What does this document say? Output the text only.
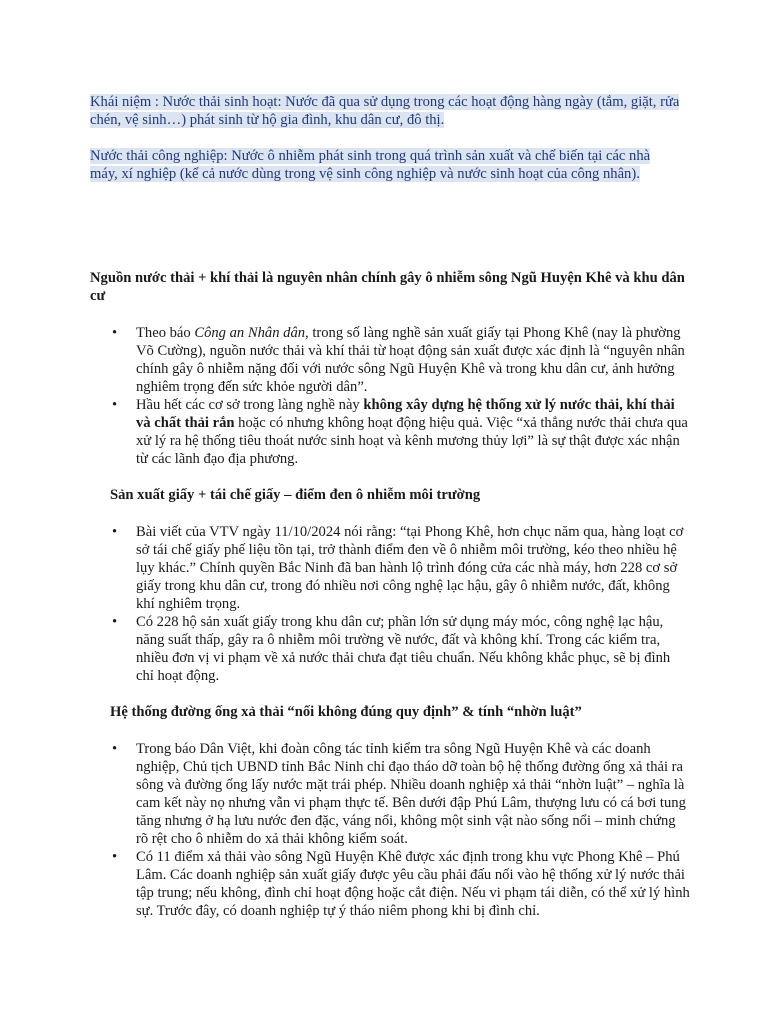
Khái niệm : Nước thải sinh hoạt: Nước đã qua sử dụng trong các hoạt động hàng ngày (tắm, giặt, rửa chén, vệ sinh…) phát sinh từ hộ gia đình, khu dân cư, đô thị.

Nước thải công nghiệp: Nước ô nhiễm phát sinh trong quá trình sản xuất và chế biến tại các nhà máy, xí nghiệp (kể cả nước dùng trong vệ sinh công nghiệp và nước sinh hoạt của công nhân).

Nguồn nước thải + khí thải là nguyên nhân chính gây ô nhiễm sông Ngũ Huyện Khê và khu dân cư

•	Theo báo Công an Nhân dân, trong số làng nghề sản xuất giấy tại Phong Khê (nay là phường Võ Cường), nguồn nước thải và khí thải từ hoạt động sản xuất được xác định là “nguyên nhân chính gây ô nhiễm nặng đối với nước sông Ngũ Huyện Khê và trong khu dân cư, ảnh hưởng nghiêm trọng đến sức khỏe người dân”.
•	Hầu hết các cơ sở trong làng nghề này không xây dựng hệ thống xử lý nước thải, khí thải và chất thải rắn hoặc có nhưng không hoạt động hiệu quả. Việc “xả thẳng nước thải chưa qua xử lý ra hệ thống tiêu thoát nước sinh hoạt và kênh mương thủy lợi” là sự thật được xác nhận từ các lãnh đạo địa phương.

Sản xuất giấy + tái chế giấy – điểm đen ô nhiễm môi trường

•	Bài viết của VTV ngày 11/10/2024 nói rằng: “tại Phong Khê, hơn chục năm qua, hàng loạt cơ sở tái chế giấy phế liệu tồn tại, trở thành điểm đen về ô nhiễm môi trường, kéo theo nhiều hệ lụy khác.” Chính quyền Bắc Ninh đã ban hành lộ trình đóng cửa các nhà máy, hơn 228 cơ sở giấy trong khu dân cư, trong đó nhiều nơi công nghệ lạc hậu, gây ô nhiễm nước, đất, không khí nghiêm trọng.
•	Có 228 hộ sản xuất giấy trong khu dân cư; phần lớn sử dụng máy móc, công nghệ lạc hậu, năng suất thấp, gây ra ô nhiễm môi trường về nước, đất và không khí. Trong các kiểm tra, nhiều đơn vị vi phạm về xả nước thải chưa đạt tiêu chuẩn. Nếu không khắc phục, sẽ bị đình chỉ hoạt động.

Hệ thống đường ống xả thải “nối không đúng quy định” & tính “nhờn luật”

•	Trong báo Dân Việt, khi đoàn công tác tỉnh kiểm tra sông Ngũ Huyện Khê và các doanh nghiệp, Chủ tịch UBND tỉnh Bắc Ninh chỉ đạo tháo dỡ toàn bộ hệ thống đường ống xả thải ra sông và đường ống lấy nước mặt trái phép. Nhiều doanh nghiệp xả thải “nhờn luật” – nghĩa là cam kết này nọ nhưng vẫn vi phạm thực tế. Bên dưới đập Phú Lâm, thượng lưu có cá bơi tung tăng nhưng ở hạ lưu nước đen đặc, váng nổi, không một sinh vật nào sống nổi – minh chứng rõ rệt cho ô nhiễm do xả thải không kiểm soát.
•	Có 11 điểm xả thải vào sông Ngũ Huyện Khê được xác định trong khu vực Phong Khê – Phú Lâm. Các doanh nghiệp sản xuất giấy được yêu cầu phải đấu nối vào hệ thống xử lý nước thải tập trung; nếu không, đình chỉ hoạt động hoặc cắt điện. Nếu vi phạm tái diễn, có thể xử lý hình sự. Trước đây, có doanh nghiệp tự ý tháo niêm phong khi bị đình chỉ.
